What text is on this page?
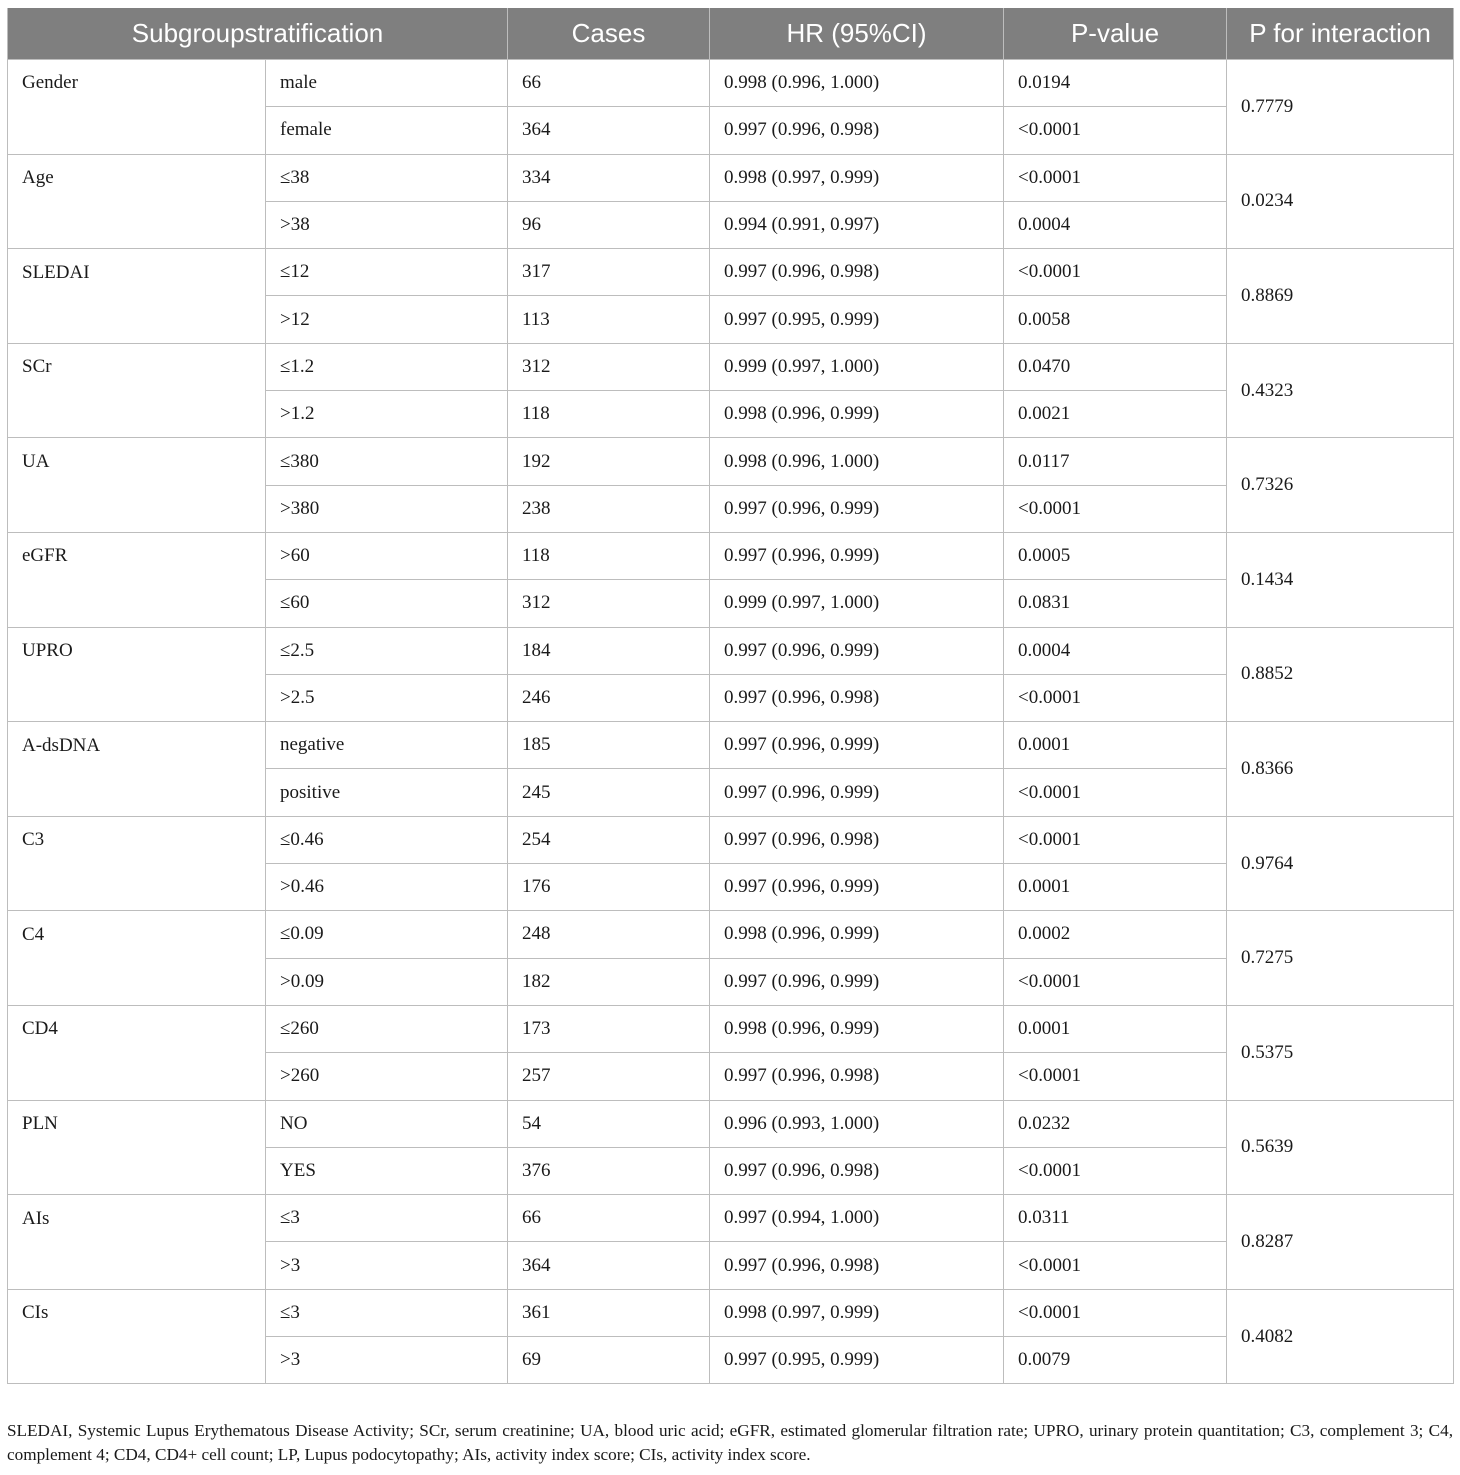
Subgroupstratification		Cases	HR (95%CI)	P-value	P for interaction
Gender	male	66	0.998 (0.996, 1.000)	0.0194	0.7779
	female	364	0.997 (0.996, 0.998)	<0.0001	
Age	≤38	334	0.998 (0.997, 0.999)	<0.0001	0.0234
	>38	96	0.994 (0.991, 0.997)	0.0004	
SLEDAI	≤12	317	0.997 (0.996, 0.998)	<0.0001	0.8869
	>12	113	0.997 (0.995, 0.999)	0.0058	
SCr	≤1.2	312	0.999 (0.997, 1.000)	0.0470	0.4323
	>1.2	118	0.998 (0.996, 0.999)	0.0021	
UA	≤380	192	0.998 (0.996, 1.000)	0.0117	0.7326
	>380	238	0.997 (0.996, 0.999)	<0.0001	
eGFR	>60	118	0.997 (0.996, 0.999)	0.0005	0.1434
	≤60	312	0.999 (0.997, 1.000)	0.0831	
UPRO	≤2.5	184	0.997 (0.996, 0.999)	0.0004	0.8852
	>2.5	246	0.997 (0.996, 0.998)	<0.0001	
A-dsDNA	negative	185	0.997 (0.996, 0.999)	0.0001	0.8366
	positive	245	0.997 (0.996, 0.999)	<0.0001	
C3	≤0.46	254	0.997 (0.996, 0.998)	<0.0001	0.9764
	>0.46	176	0.997 (0.996, 0.999)	0.0001	
C4	≤0.09	248	0.998 (0.996, 0.999)	0.0002	0.7275
	>0.09	182	0.997 (0.996, 0.999)	<0.0001	
CD4	≤260	173	0.998 (0.996, 0.999)	0.0001	0.5375
	>260	257	0.997 (0.996, 0.998)	<0.0001	
PLN	NO	54	0.996 (0.993, 1.000)	0.0232	0.5639
	YES	376	0.997 (0.996, 0.998)	<0.0001	
AIs	≤3	66	0.997 (0.994, 1.000)	0.0311	0.8287
	>3	364	0.997 (0.996, 0.998)	<0.0001	
CIs	≤3	361	0.998 (0.997, 0.999)	<0.0001	0.4082
	>3	69	0.997 (0.995, 0.999)	0.0079	
SLEDAI, Systemic Lupus Erythematous Disease Activity; SCr, serum creatinine; UA, blood uric acid; eGFR, estimated glomerular filtration rate; UPRO, urinary protein quantitation; C3, complement 3; C4, complement 4; CD4, CD4+ cell count; LP, Lupus podocytopathy; AIs, activity index score; CIs, activity index score.
